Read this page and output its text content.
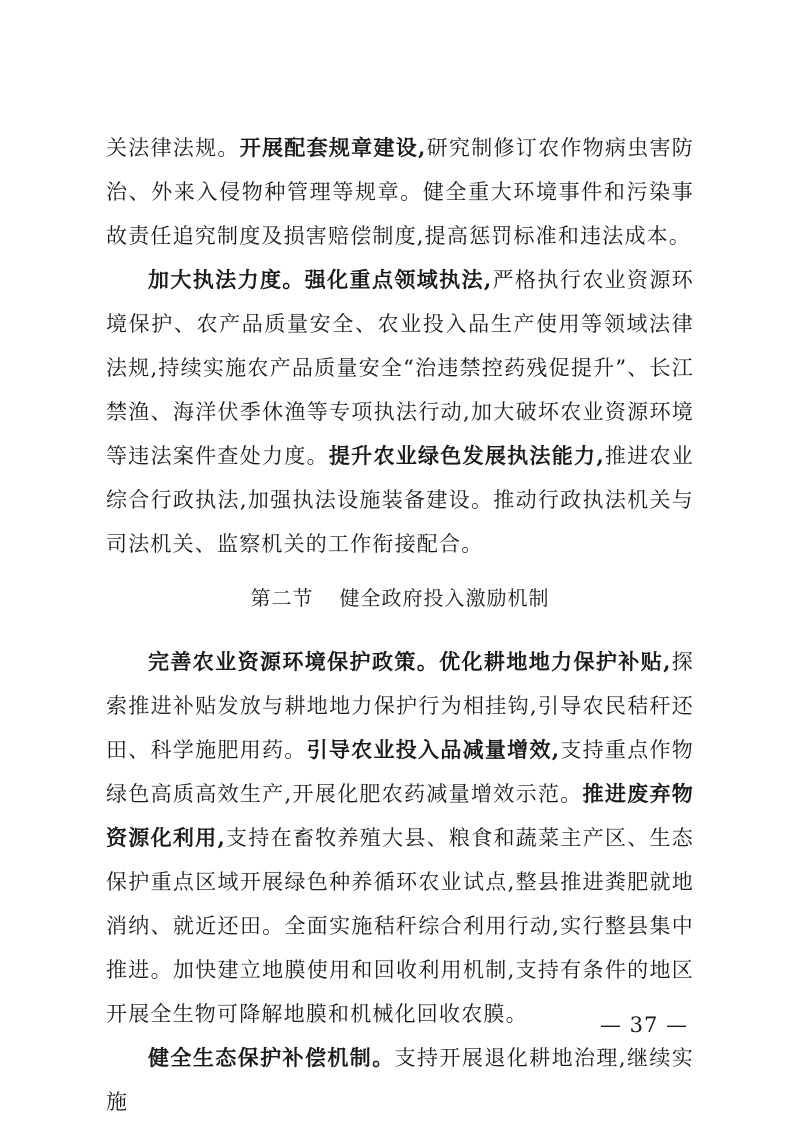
关法律法规。开展配套规章建设,研究制修订农作物病虫害防治、外来入侵物种管理等规章。健全重大环境事件和污染事故责任追究制度及损害赔偿制度,提高惩罚标准和违法成本。

加大执法力度。强化重点领域执法,严格执行农业资源环境保护、农产品质量安全、农业投入品生产使用等领域法律法规,持续实施农产品质量安全“治违禁控药残促提升”、长江禁渔、海洋伏季休渔等专项执法行动,加大破坏农业资源环境等违法案件查处力度。提升农业绿色发展执法能力,推进农业综合行政执法,加强执法设施装备建设。推动行政执法机关与司法机关、监察机关的工作衔接配合。

第二节 健全政府投入激励机制

完善农业资源环境保护政策。优化耕地地力保护补贴,探索推进补贴发放与耕地地力保护行为相挂钩,引导农民秸秆还田、科学施肥用药。引导农业投入品减量增效,支持重点作物绿色高质高效生产,开展化肥农药减量增效示范。推进废弃物资源化利用,支持在畜牧养殖大县、粮食和蔬菜主产区、生态保护重点区域开展绿色种养循环农业试点,整县推进粪肥就地消纳、就近还田。全面实施秸秆综合利用行动,实行整县集中推进。加快建立地膜使用和回收利用机制,支持有条件的地区开展全生物可降解地膜和机械化回收农膜。

健全生态保护补偿机制。支持开展退化耕地治理,继续实施

— 37 —
